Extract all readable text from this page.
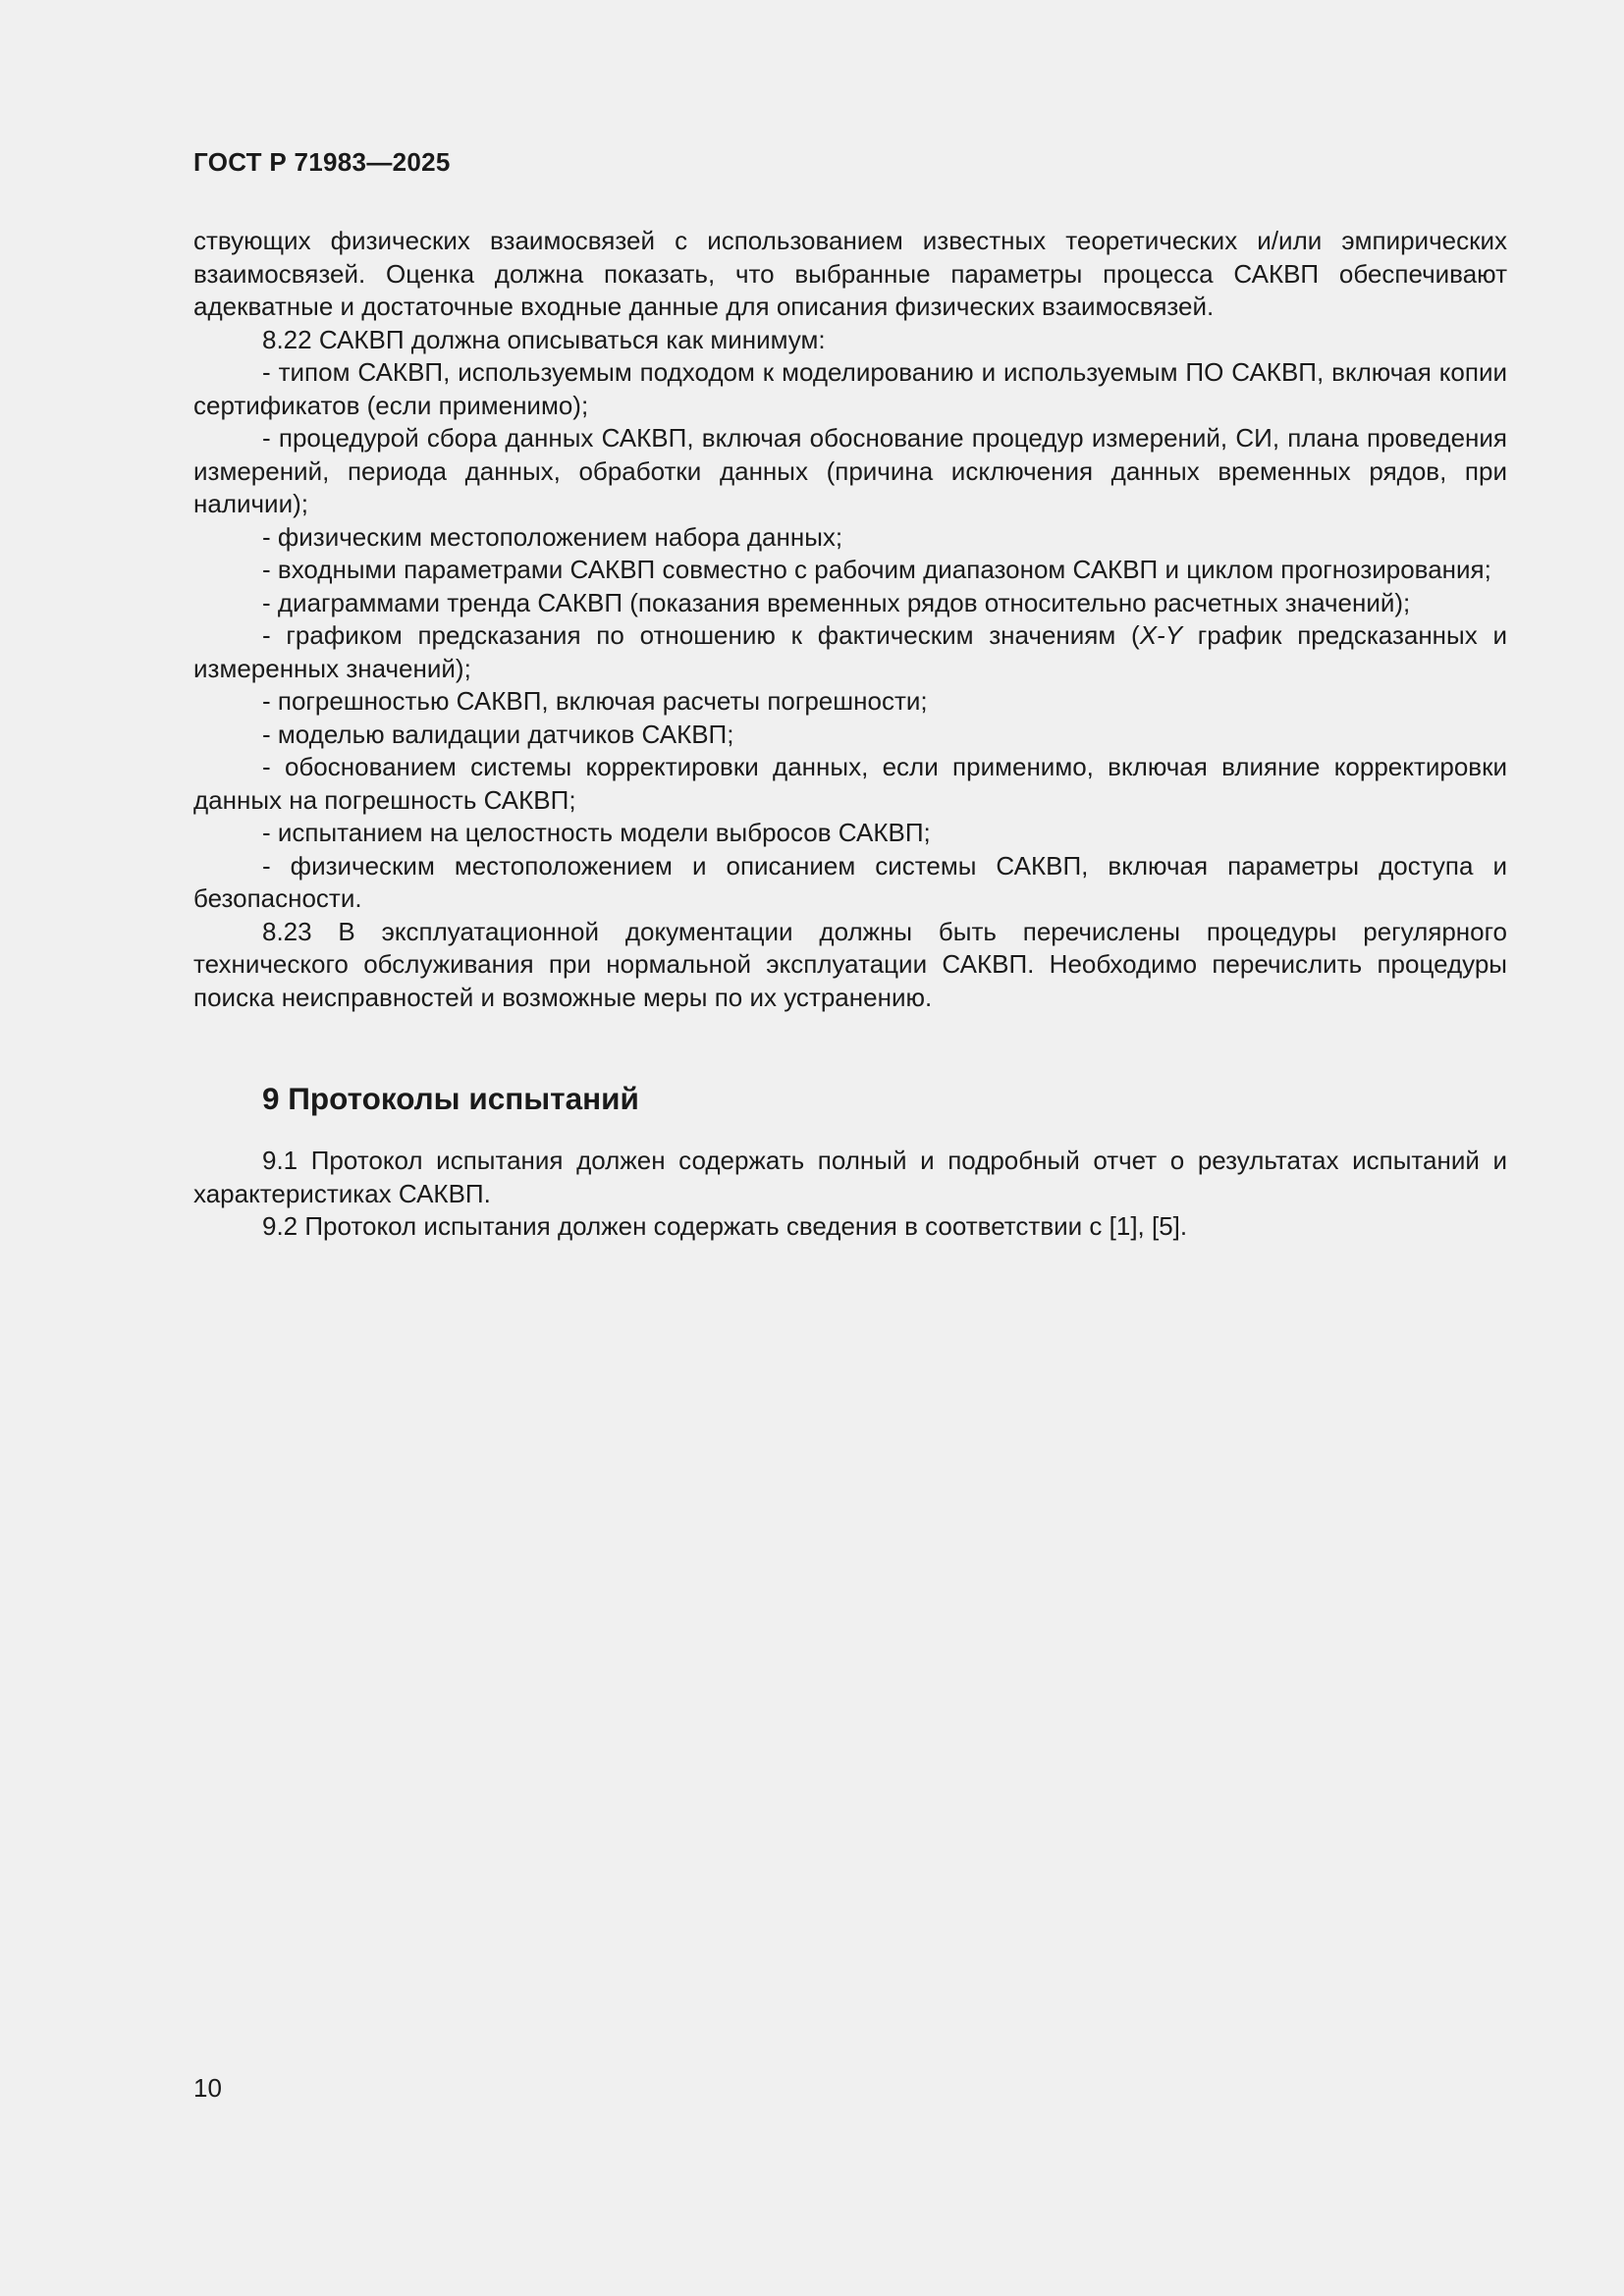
ГОСТ Р 71983—2025

ствующих физических взаимосвязей с использованием известных теоретических и/или эмпирических взаимосвязей. Оценка должна показать, что выбранные параметры процесса САКВП обеспечивают адекватные и достаточные входные данные для описания физических взаимосвязей.

8.22 САКВП должна описываться как минимум:

- типом САКВП, используемым подходом к моделированию и используемым ПО САКВП, включая копии сертификатов (если применимо);

- процедурой сбора данных САКВП, включая обоснование процедур измерений, СИ, плана проведения измерений, периода данных, обработки данных (причина исключения данных временных рядов, при наличии);

- физическим местоположением набора данных;

- входными параметрами САКВП совместно с рабочим диапазоном САКВП и циклом прогнозирования;

- диаграммами тренда САКВП (показания временных рядов относительно расчетных значений);

- графиком предсказания по отношению к фактическим значениям (X-Y график предсказанных и измеренных значений);

- погрешностью САКВП, включая расчеты погрешности;

- моделью валидации датчиков САКВП;

- обоснованием системы корректировки данных, если применимо, включая влияние корректировки данных на погрешность САКВП;

- испытанием на целостность модели выбросов САКВП;

- физическим местоположением и описанием системы САКВП, включая параметры доступа и безопасности.

8.23 В эксплуатационной документации должны быть перечислены процедуры регулярного технического обслуживания при нормальной эксплуатации САКВП. Необходимо перечислить процедуры поиска неисправностей и возможные меры по их устранению.

9 Протоколы испытаний

9.1 Протокол испытания должен содержать полный и подробный отчет о результатах испытаний и характеристиках САКВП.

9.2 Протокол испытания должен содержать сведения в соответствии с [1], [5].

10
